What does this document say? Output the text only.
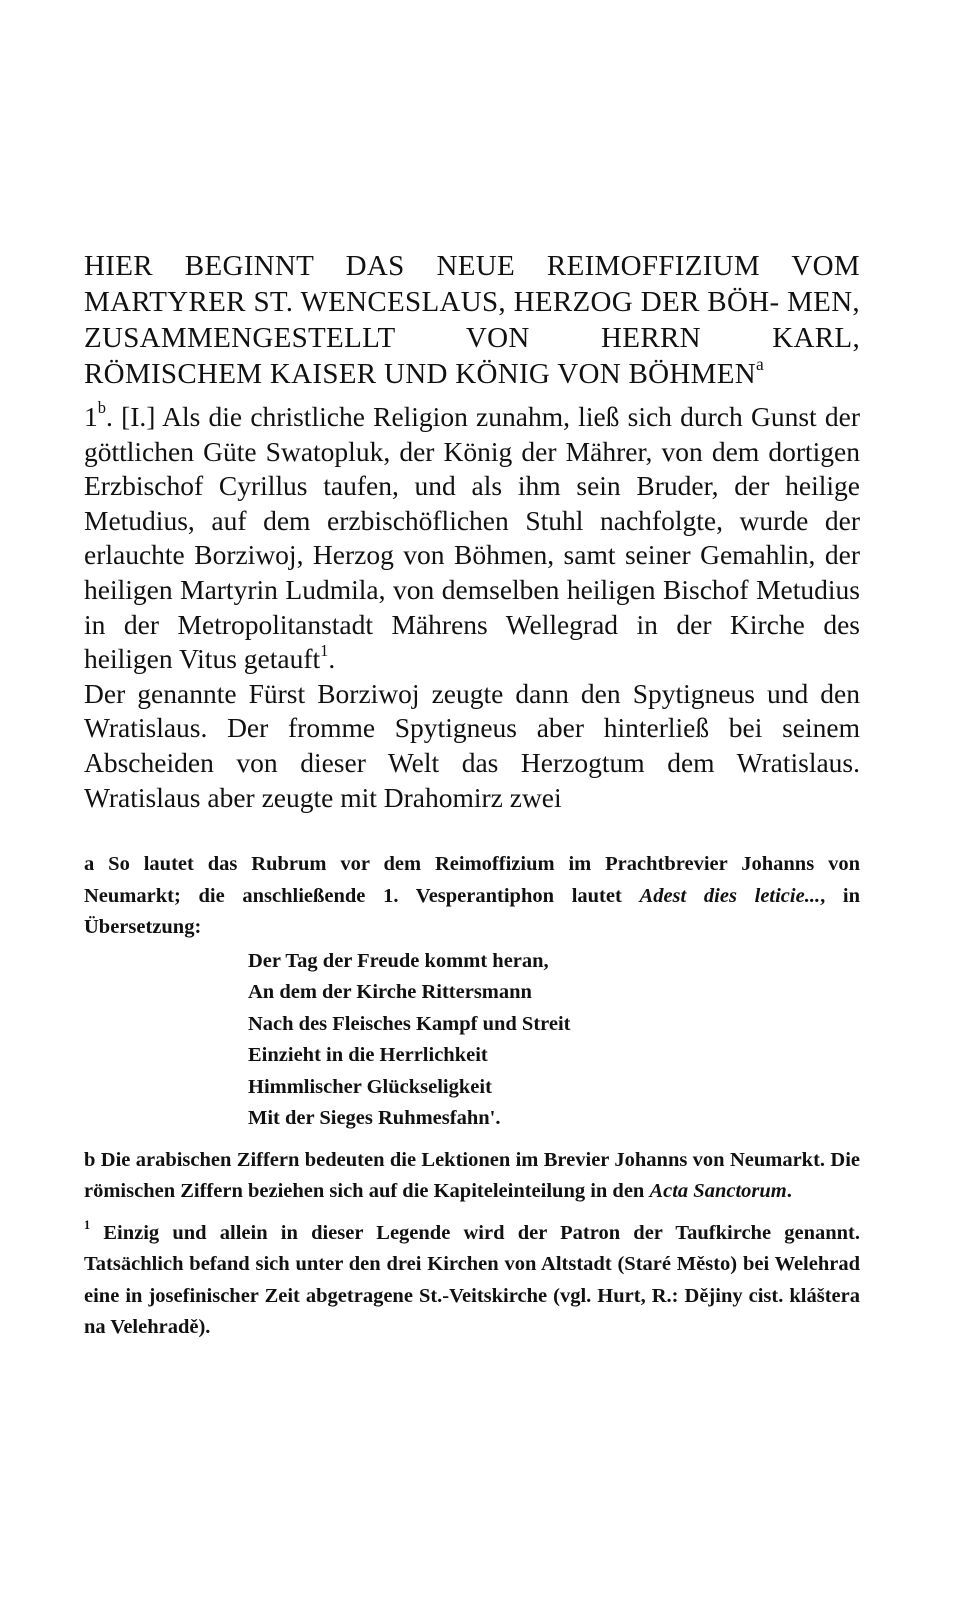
HIER BEGINNT DAS NEUE REIMOFFIZIUM VOM MARTYRER ST. WENCESLAUS, HERZOG DER BÖH- MEN, ZUSAMMENGESTELLT VON HERRN KARL,
RÖMISCHEM KAISER UND KÖNIG VON BÖHMEN$^a$

1$^b$. [I.] Als die christliche Religion zunahm, ließ sich durch Gunst der göttlichen Güte Swatopluk, der König der Mährer, von dem dortigen Erzbischof Cyrillus taufen, und als ihm sein Bruder, der heilige Metudius, auf dem erzbischöflichen Stuhl nachfolgte, wurde der erlauchte Borziwoj, Herzog von Böhmen, samt seiner Gemahlin, der heiligen Martyrin Ludmila, von demselben heiligen Bischof Metudius in der Metropolitanstadt Mährens Wellegrad in der Kirche des heiligen Vitus getauft$^1$.

Der genannte Fürst Borziwoj zeugte dann den Spytigneus und den Wratislaus. Der fromme Spytigneus aber hinterließ bei seinem Abscheiden von dieser Welt das Herzogtum dem Wratislaus. Wratislaus aber zeugte mit Drahomirz zwei

a So lautet das Rubrum vor dem Reimoffizium im Prachtbrevier Johanns von Neumarkt; die anschließende 1. Vesperantiphon lautet Adest dies leticie..., in Übersetzung:

Der Tag der Freude kommt heran,
An dem der Kirche Rittersmann
Nach des Fleisches Kampf und Streit
Einzieht in die Herrlichkeit
Himmlischer Glückseligkeit
Mit der Sieges Ruhmesfahn'.

b Die arabischen Ziffern bedeuten die Lektionen im Brevier Johanns von Neumarkt. Die römischen Ziffern beziehen sich auf die Kapiteleinteilung in den Acta Sanctorum.

$^1$ Einzig und allein in dieser Legende wird der Patron der Taufkirche genannt. Tatsächlich befand sich unter den drei Kirchen von Altstadt (Staré Město) bei Welehrad eine in josefinischer Zeit abgetragene St.-Veitskirche (vgl. Hurt, R.: Dějiny cist. kláštera na Velehradě).
